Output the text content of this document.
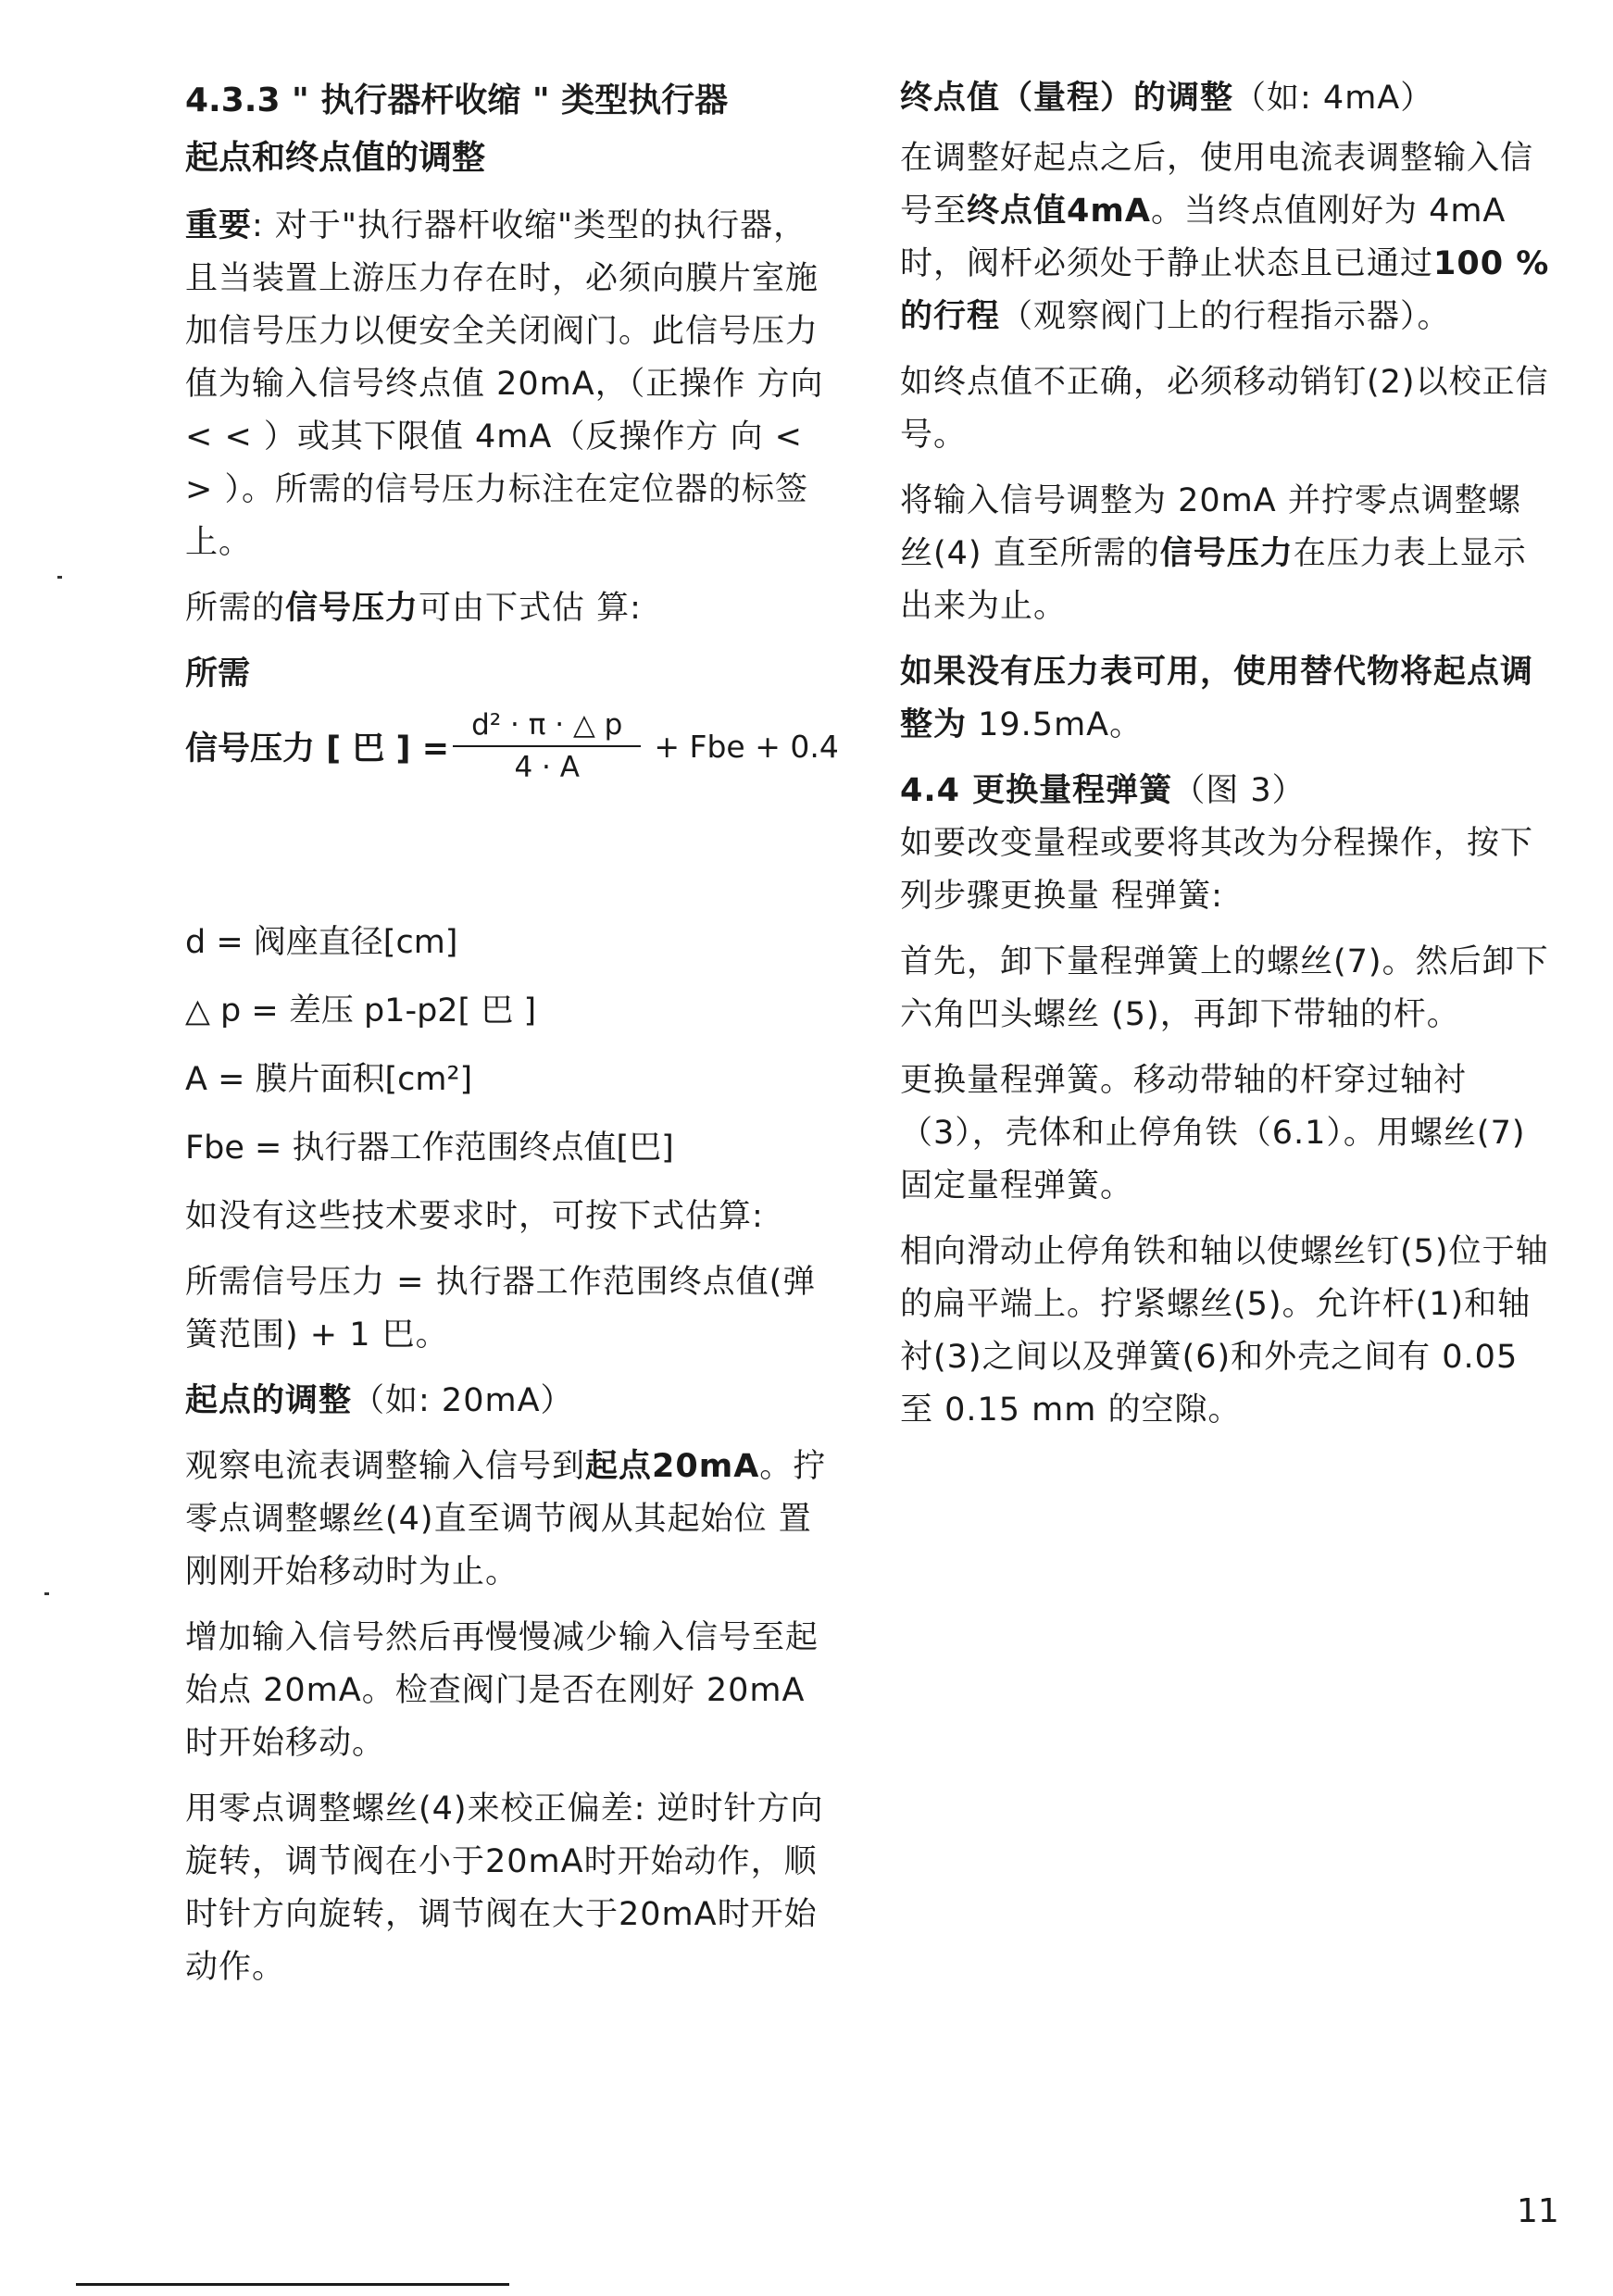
4.3.3 " 执行器杆收缩 " 类型执行器

起点和终点值的调整

重要: 对于"执行器杆收缩"类型的执行器，且当装置上游压力存在时，必须向膜片室施加信号压力以便安全关闭阀门。此信号压力值为输入信号终点值 20mA，（正操作 方向 < < ）或其下限值 4mA（反操作方 向 < > ）。所需的信号压力标注在定位器的标签上。

所需的信号压力可由下式估 算:

所需
信号压力 [ 巴 ] = $\frac{\text{d² · π · △ p}}{4 \cdot A}$ + Fbe + 0.4

d = 阀座直径[cm]

△ p = 差压 p1-p2[ 巴 ]

A = 膜片面积[cm²]

Fbe = 执行器工作范围终点值[巴]

如没有这些技术要求时，可按下式估算:

所需信号压力 = 执行器工作范围终点值(弹簧范围) + 1 巴。

起点的调整（如: 20mA）

观察电流表调整输入信号到起点20mA。拧零点调整螺丝(4)直至调节阀从其起始位 置刚刚开始移动时为止。

增加输入信号然后再慢慢减少输入信号至起始点 20mA。检查阀门是否在刚好 20mA 时开始移动。

用零点调整螺丝(4)来校正偏差: 逆时针方向旋转，调节阀在小于20mA时开始动作，顺时针方向旋转，调节阀在大于20mA时开始动作。

终点值（量程）的调整（如: 4mA）

在调整好起点之后，使用电流表调整输入信号至终点值4mA。当终点值刚好为 4mA 时，阀杆必须处于静止状态且已通过100 % 的行程（观察阀门上的行程指示器）。

如终点值不正确，必须移动销钉(2)以校正信号。

将输入信号调整为 20mA 并拧零点调整螺丝(4) 直至所需的信号压力在压力表上显示出来为止。

如果没有压力表可用，使用替代物将起点调整为 19.5mA。

4.4 更换量程弹簧（图 3）

如要改变量程或要将其改为分程操作，按下列步骤更换量 程弹簧:

首先，卸下量程弹簧上的螺丝(7)。然后卸下六角凹头螺丝 (5)，再卸下带轴的杆。

更换量程弹簧。移动带轴的杆穿过轴衬（3），壳体和止停角铁（6.1）。用螺丝(7)固定量程弹簧。

相向滑动止停角铁和轴以使螺丝钉(5)位于轴的扁平端上。拧紧螺丝(5)。允许杆(1)和轴衬(3)之间以及弹簧(6)和外壳之间有 0.05 至 0.15 mm 的空隙。

11
